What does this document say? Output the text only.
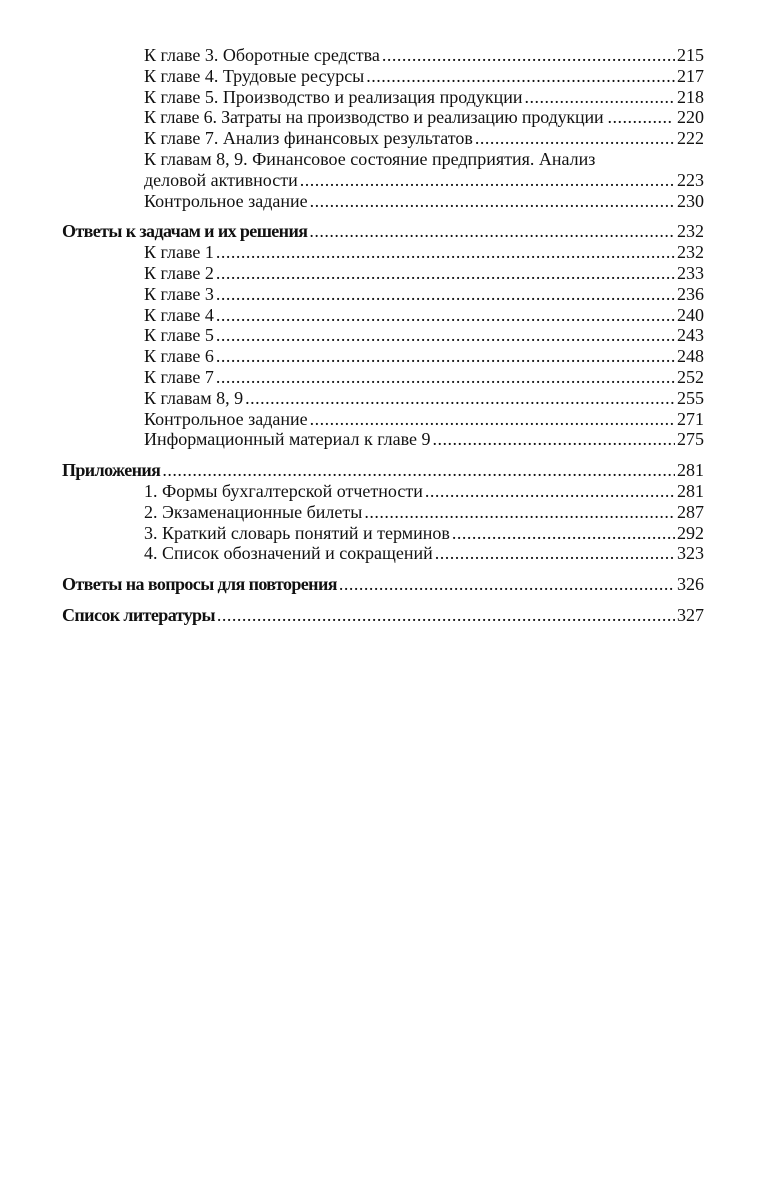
К главе 3. Оборотные средства .....	215
К главе 4. Трудовые ресурсы .....	217
К главе 5. Производство и реализация продукции .....	218
К главе 6. Затраты на производство и реализацию продукции .....	220
К главе 7. Анализ финансовых результатов .....	222
К главам 8, 9. Финансовое состояние предприятия. Анализ
деловой активности .....	223
Контрольное задание .....	230
Ответы к задачам и их решения .....	232
К главе 1 .....	232
К главе 2 .....	233
К главе 3 .....	236
К главе 4 .....	240
К главе 5 .....	243
К главе 6 .....	248
К главе 7 .....	252
К главам 8, 9 .....	255
Контрольное задание .....	271
Информационный материал к главе 9 .....	275
Приложения .....	281
1. Формы бухгалтерской отчетности .....	281
2. Экзаменационные билеты .....	287
3. Краткий словарь понятий и терминов .....	292
4. Список обозначений и сокращений .....	323
Ответы на вопросы для повторения .....	326
Список литературы .....	327
